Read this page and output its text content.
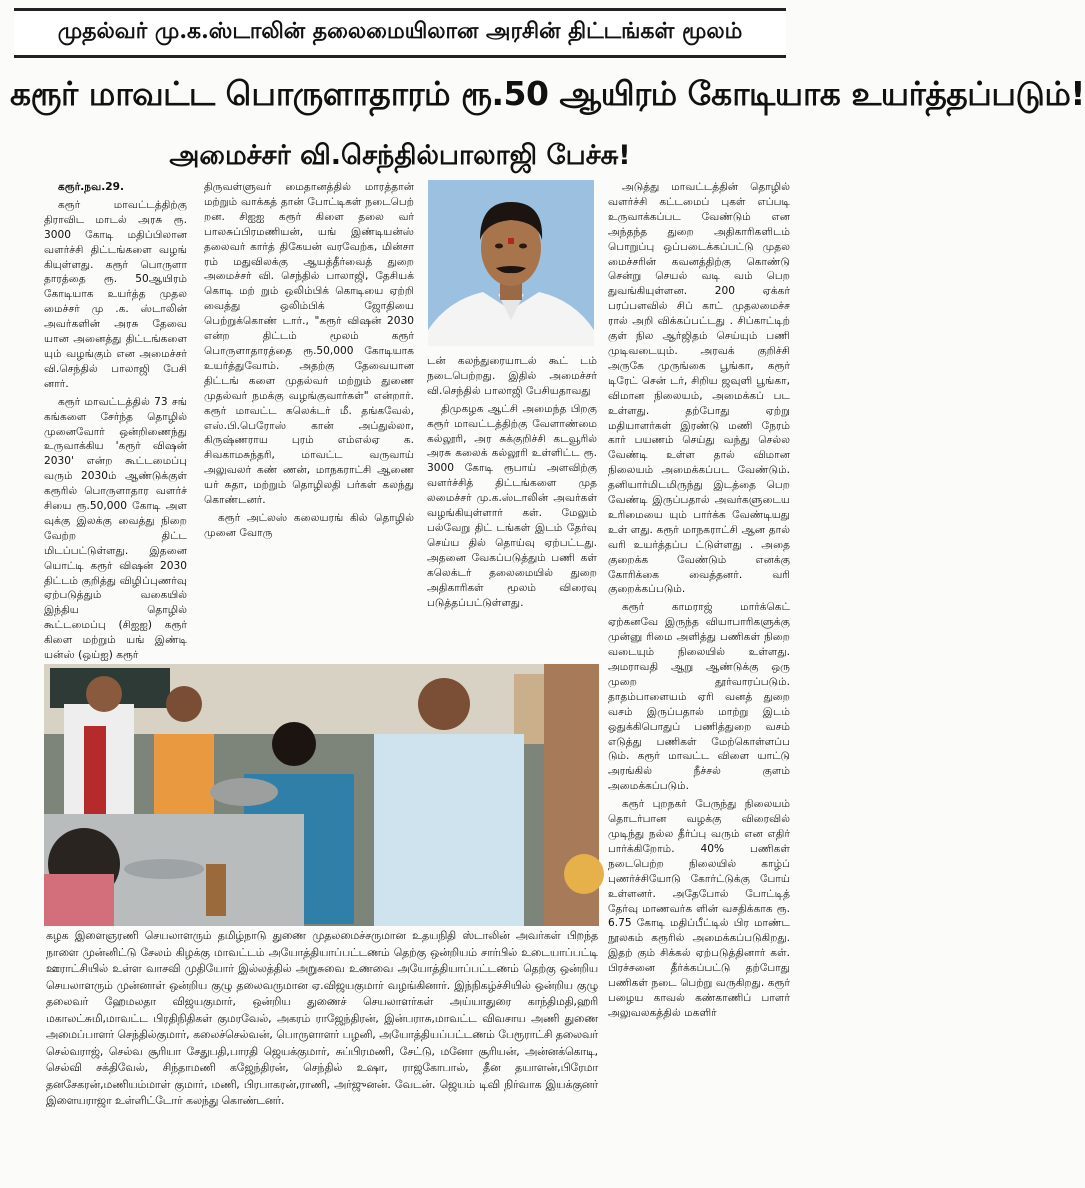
முதல்வர் மு.க.ஸ்டாலின் தலைமையிலான அரசின் திட்டங்கள் மூலம்
கரூர் மாவட்ட பொருளாதாரம் ரூ.50 ஆயிரம் கோடியாக உயர்த்தப்படும்!
அமைச்சர் வி.செந்தில்பாலாஜி பேச்சு!

கரூர்.நவ.29.

கரூர் மாவட்டத்திற்கு திராவிட மாடல் அரசு ரூ. 3000 கோடி மதிப்பிலான வளர்ச்சி திட்டங்களை வழங் கியுள்ளது. கரூர் பொருளா தாரத்தை ரூ. 50ஆயிரம் கோடியாக உயர்த்த முதல மைச்சர் மு .க. ஸ்டாலின் அவர்களின் அரசு தேவை யான அனைத்து திட்டங்களை யும் வழங்கும் என அமைச்சர் வி.செந்தில் பாலாஜி பேசி னார்.

கரூர் மாவட்டத்தில் 73 சங் கங்களை சேர்ந்த தொழில் முனைவோர் ஒன்றிணைந்து உருவாக்கிய 'கரூர் விஷன் 2030' என்ற கூட்டமைப்பு வரும் 2030ம் ஆண்டுக்குள் கரூரில் பொருளாதார வளர்ச் சியை ரூ.50,000 கோடி அள வுக்கு இலக்கு வைத்து நிறை வேற்ற திட்ட மிடப்பட்டுள்ளது. இதனை யொட்டி கரூர் விஷன் 2030 திட்டம் குறித்து விழிப்புணர்வு ஏற்படுத்தும் வகையில் இந்திய தொழில் கூட்டமைப்பு (சிஐஐ) கரூர் கிளை மற்றும் யங் இண்டி யன்ஸ் (ஒய்ஐ) கரூர்

திருவள்ளுவர் மைதானத்தில் மாரத்தான் மற்றும் வாக்கத் தான் போட்டிகள் நடைபெற் றன. சிஐஐ கரூர் கிளை தலை வர் பாலசுப்பிரமணியன், யங் இண்டியன்ஸ் தலைவர் கார்த் திகேயன் வரவேற்க, மின்சா ரம் மதுவிலக்கு ஆயத்தீர்வைத் துறை அமைச்சர் வி. செந்தில் பாலாஜி, தேசியக் கொடி மற் றும் ஒலிம்பிக் கொடியை ஏற்றி வைத்து ஒலிம்பிக் ஜோதியை பெற்றுக்கொண் டார்., "கரூர் விஷன் 2030 என்ற திட்டம் மூலம் கரூர் பொருளாதாரத்தை ரூ.50,000 கோடியாக உயர்த்துவோம். அதற்கு தேவையான திட்டங் களை முதல்வர் மற்றும் துணை முதல்வர் நமக்கு வழங்குவார்கள்" என்றார். கரூர் மாவட்ட கலெக்டர் மீ. தங்கவேல், எஸ்.பி.பெரோஸ் கான் அப்துல்லா, கிருஷ்ணராய புரம் எம்எல்ஏ க. சிவகாமசுந்தரி, மாவட்ட வருவாய் அலுவலர் கண் ணன், மாநகராட்சி ஆணை யர் சுதா, மற்றும் தொழிலதி பர்கள் கலந்து கொண்டனர்.

கரூர் அட்லஸ் கலையரங் கில் தொழில் முனை வோரு

டன் கலந்துரையாடல் கூட் டம் நடைபெற்றது. இதில் அமைச்சர் வி.செந்தில் பாலாஜி பேசியதாவது

திமுகழக ஆட்சி அமைந்த பிறகு கரூர் மாவட்டத்திற்கு வேளாண்மை கல்லூரி, அர சுக்குறிச்சி கடவூரில் அரசு கலைக் கல்லூரி உள்ளிட்ட ரூ. 3000 கோடி ரூபாய் அளவிற்கு வளர்ச்சித் திட்டங்களை முத லமைச்சர் மு.க.ஸ்டாலின் அவர்கள் வழங்கியுள்ளார் கள். மேலும் பல்வேறு திட் டங்கள் இடம் தேர்வு செய்ய தில் தொய்வு ஏற்பட்டது. அதனை வேகப்படுத்தும் பணி கள் கலெக்டர் தலைமையில் துறை அதிகாரிகள் மூலம் விரைவு படுத்தப்பட்டுள்ளது.

அடுத்து மாவட்டத்தின் தொழில் வளர்ச்சி கட்டமைப் புகள் எப்படி உருவாக்கப்பட வேண்டும் என அந்தந்த துறை அதிகாரிகளிடம் பொறுப்பு ஒப்படைக்கப்பட்டு முதல மைச்சரின் கவனத்திற்கு கொண்டு சென்று செயல் வடி வம் பெற துவங்கியுள்ளன. 200 ஏக்கர் பரப்பளவில் சிப் காட் முதலமைச்ச ரால் அறி விக்கப்பட்டது . சிப்காட்டிற் குள் நில ஆர்ஜிதம் செய்யும் பணி முடிவடையும். அரவக் குறிச்சி அருகே முருங்கை பூங்கா, கரூர் டிரேட் சென் டர், சிறிய ஜவுளி பூங்கா, விமான நிலையம், அமைக்கப் பட உள்ளது. தற்போது ஏற்று மதியாளர்கள் இரண்டு மணி நேரம் கார் பயணம் செய்து வந்து செல்ல வேண்டி உள்ள தால் விமான நிலையம் அமைக்கப்பட வேண்டும். தனியார்மிடமிருந்து இடத்தை பெற வேண்டி இருப்பதால் அவர்களுடைய உரிமையை யும் பார்க்க வேண்டியது உள் ளது. கரூர் மாநகராட்சி ஆன தால் வரி உயர்த்தப்ப ட்டுள்ளது . அதை குறைக்க வேண்டும் எனக்கு கோரிக்கை வைத்தனர். வரி குறைக்கப்படும்.

கரூர் காமராஜ் மார்க்கெட் ஏற்கனவே இருந்த வியாபாரிகளுக்கு முன்னு ரிமை அளித்து பணிகள் நிறை வடையும் நிலையில் உள்ளது. அமராவதி ஆறு ஆண்டுக்கு ஒரு முறை தூர்வாரப்படும். தாதம்பாளையம் ஏரி வனத் துறை வசம் இருப்பதால் மாற்று இடம் ஒதுக்கிபொதுப் பணித்துறை வசம் எடுத்து பணிகள் மேற்கொள்ளப்ப டும். கரூர் மாவட்ட விளை யாட்டு அரங்கில் நீச்சல் குளம் அமைக்கப்படும்.

கரூர் புறநகர் பேருந்து நிலையம் தொடர்பான வழக்கு விரைவில் முடிந்து நல்ல தீர்ப்பு வரும் என எதிர் பார்க்கிறோம். 40% பணிகள் நடைபெற்ற நிலையில் காழ்ப் புணர்ச்சியோடு கோர்ட்டுக்கு போய் உள்ளனர். அதேபோல் போட்டித் தேர்வு மாணவர்க ளின் வசதிக்காக ரூ. 6.75 கோடி மதிப்பீட்டில் பிர மாண்ட நூலகம் கரூரில் அமைக்கப்படுகிறது. இதற் கும் சிக்கல் ஏற்படுத்தினார் கள். பிரச்சனை தீர்க்கப்பட்டு தற்போது பணிகள் நடை பெற்று வருகிறது. கரூர் பழைய காவல் கண்காணிப் பாளர் அலுவலகத்தில் மகளிர்

கழக இளைஞரணி செயலாளரும் தமிழ்நாடு துணை முதலமைச்சருமான உதயநிதி ஸ்டாலின் அவர்கள் பிறந்த நாளை முன்னிட்டு சேலம் கிழக்கு மாவட்டம் அயோத்தியாப்பட்டணம் தெற்கு ஒன்றியம் சார்பில் உடையாப்பட்டி ஊராட்சியில் உள்ள வாசவி முதியோர் இல்லத்தில் அறுசுவை உணவை அயோத்தியாப்பட்டணம் தெற்கு ஒன்றிய செயலாளரும் முன்னாள் ஒன்றிய குழு தலைவருமான ஏ.விஜயகுமார் வழங்கினார். இந்நிகழ்ச்சியில் ஒன்றிய குழு தலைவர் ஹேமலதா விஜயகுமார், ஒன்றிய துணைச் செயலாளர்கள் அய்யாதுரை காந்திமதி,ஹரி மகாலட்சுமி,மாவட்ட பிரதிநிதிகள் குமரவேல், அகரம் ராஜேந்திரன், இன்பராசு,மாவட்ட விவசாய அணி துணை அமைப்பாளர் செந்தில்குமார், கலைச்செல்வன், பொருளாளர் பழனி, அயோத்தியப்பட்டணம் பேரூராட்சி தலைவர் செல்வராஜ், செல்வ சூரியா சேதுபதி,பாரதி ஜெயக்குமார், சுப்பிரமணி, சேட்டு, மனோ சூரியன், அன்னக்கொடி, செல்வி சக்திவேல், சிந்தாமணி கஜேந்திரன், செந்தில் உஷா, ராஜகோபால், தீன தயாளன்,பிரேமா தனசேகரன்,மணியம்மாள் குமார், மணி, பிரபாகரன்,ராணி, அர்ஜுனன். வேடன். ஜெயம் டிவி நிர்வாக இயக்குனர் இளையராஜா உள்ளிட்டோர் கலந்து கொண்டனர்.
